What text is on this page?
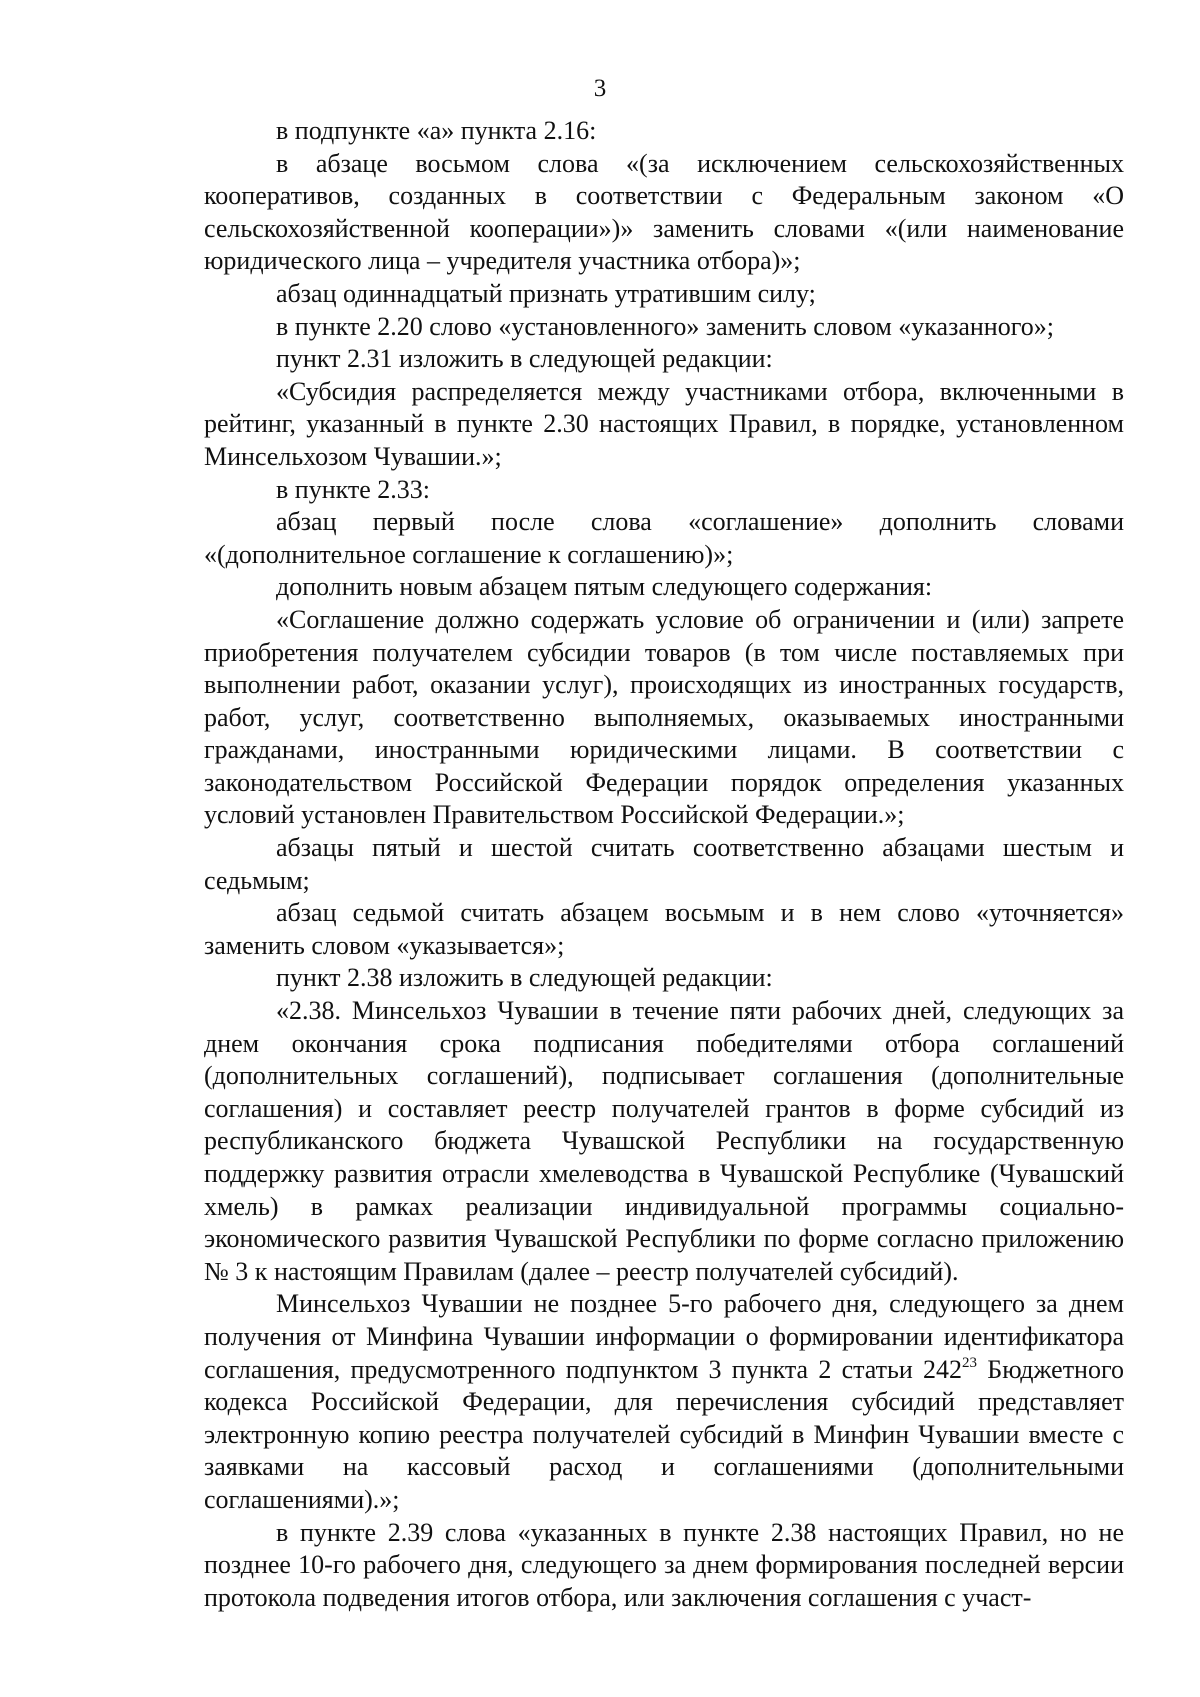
3

в подпункте «а» пункта 2.16:

в абзаце восьмом слова «(за исключением сельскохозяйственных кооперативов, созданных в соответствии с Федеральным законом «О сельскохозяйственной кооперации»)» заменить словами «(или наименование юридического лица – учредителя участника отбора)»;

абзац одиннадцатый признать утратившим силу;

в пункте 2.20 слово «установленного» заменить словом «указанного»;

пункт 2.31 изложить в следующей редакции:

«Субсидия распределяется между участниками отбора, включенными в рейтинг, указанный в пункте 2.30 настоящих Правил, в порядке, установленном Минсельхозом Чувашии.»;

в пункте 2.33:

абзац первый после слова «соглашение» дополнить словами «(дополнительное соглашение к соглашению)»;

дополнить новым абзацем пятым следующего содержания:

«Соглашение должно содержать условие об ограничении и (или) запрете приобретения получателем субсидии товаров (в том числе поставляемых при выполнении работ, оказании услуг), происходящих из иностранных государств, работ, услуг, соответственно выполняемых, оказываемых иностранными гражданами, иностранными юридическими лицами. В соответствии с законодательством Российской Федерации порядок определения указанных условий установлен Правительством Российской Федерации.»;

абзацы пятый и шестой считать соответственно абзацами шестым и седьмым;

абзац седьмой считать абзацем восьмым и в нем слово «уточняется» заменить словом «указывается»;

пункт 2.38 изложить в следующей редакции:

«2.38. Минсельхоз Чувашии в течение пяти рабочих дней, следующих за днем окончания срока подписания победителями отбора соглашений (дополнительных соглашений), подписывает соглашения (дополнительные соглашения) и составляет реестр получателей грантов в форме субсидий из республиканского бюджета Чувашской Республики на государственную поддержку развития отрасли хмелеводства в Чувашской Республике (Чувашский хмель) в рамках реализации индивидуальной программы социально-экономического развития Чувашской Республики по форме согласно приложению № 3 к настоящим Правилам (далее – реестр получателей субсидий).

Минсельхоз Чувашии не позднее 5-го рабочего дня, следующего за днем получения от Минфина Чувашии информации о формировании идентификатора соглашения, предусмотренного подпунктом 3 пункта 2 статьи $242^{23}$ Бюджетного кодекса Российской Федерации, для перечисления субсидий представляет электронную копию реестра получателей субсидий в Минфин Чувашии вместе с заявками на кассовый расход и соглашениями (дополнительными соглашениями).»;

в пункте 2.39 слова «указанных в пункте 2.38 настоящих Правил, но не позднее 10-го рабочего дня, следующего за днем формирования последней версии протокола подведения итогов отбора, или заключения соглашения с участ-
